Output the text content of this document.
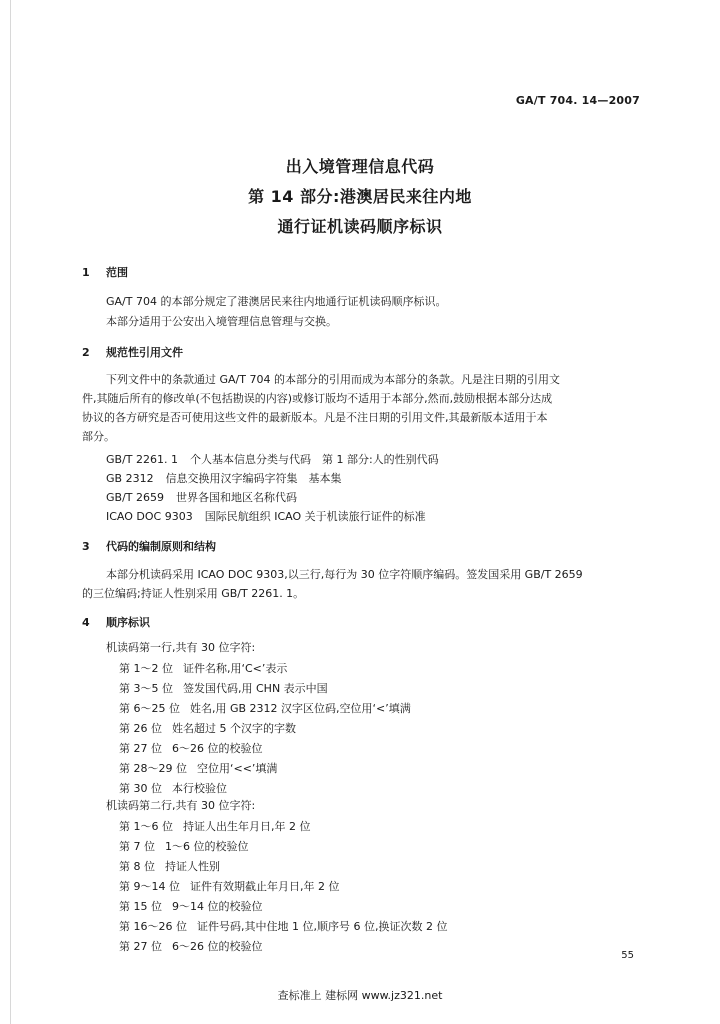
GA/T 704. 14—2007
出入境管理信息代码
第 14 部分:港澳居民来往内地
通行证机读码顺序标识
1 范围
GA/T 704 的本部分规定了港澳居民来往内地通行证机读码顺序标识。
本部分适用于公安出入境管理信息管理与交换。
2 规范性引用文件
下列文件中的条款通过 GA/T 704 的本部分的引用而成为本部分的条款。凡是注日期的引用文
件,其随后所有的修改单(不包括勘误的内容)或修订版均不适用于本部分,然而,鼓励根据本部分达成
协议的各方研究是否可使用这些文件的最新版本。凡是不注日期的引用文件,其最新版本适用于本
部分。
GB/T 2261. 1 个人基本信息分类与代码　第 1 部分:人的性别代码
GB 2312 信息交换用汉字编码字符集　基本集
GB/T 2659 世界各国和地区名称代码
ICAO DOC 9303 国际民航组织 ICAO 关于机读旅行证件的标准
3 代码的编制原则和结构
本部分机读码采用 ICAO DOC 9303,以三行,每行为 30 位字符顺序编码。签发国采用 GB/T 2659
的三位编码;持证人性别采用 GB/T 2261. 1。
4 顺序标识
机读码第一行,共有 30 位字符:
第 1～2 位 证件名称,用‘C<’表示
第 3～5 位 签发国代码,用 CHN 表示中国
第 6～25 位 姓名,用 GB 2312 汉字区位码,空位用‘<’填满
第 26 位 姓名超过 5 个汉字的字数
第 27 位 6～26 位的校验位
第 28～29 位 空位用‘<<’填满
第 30 位 本行校验位
机读码第二行,共有 30 位字符:
第 1～6 位 持证人出生年月日,年 2 位
第 7 位 1～6 位的校验位
第 8 位 持证人性别
第 9～14 位 证件有效期截止年月日,年 2 位
第 15 位 9～14 位的校验位
第 16～26 位 证件号码,其中住地 1 位,顺序号 6 位,换证次数 2 位
第 27 位 6～26 位的校验位
55
查标准上 建标网 www.jz321.net
